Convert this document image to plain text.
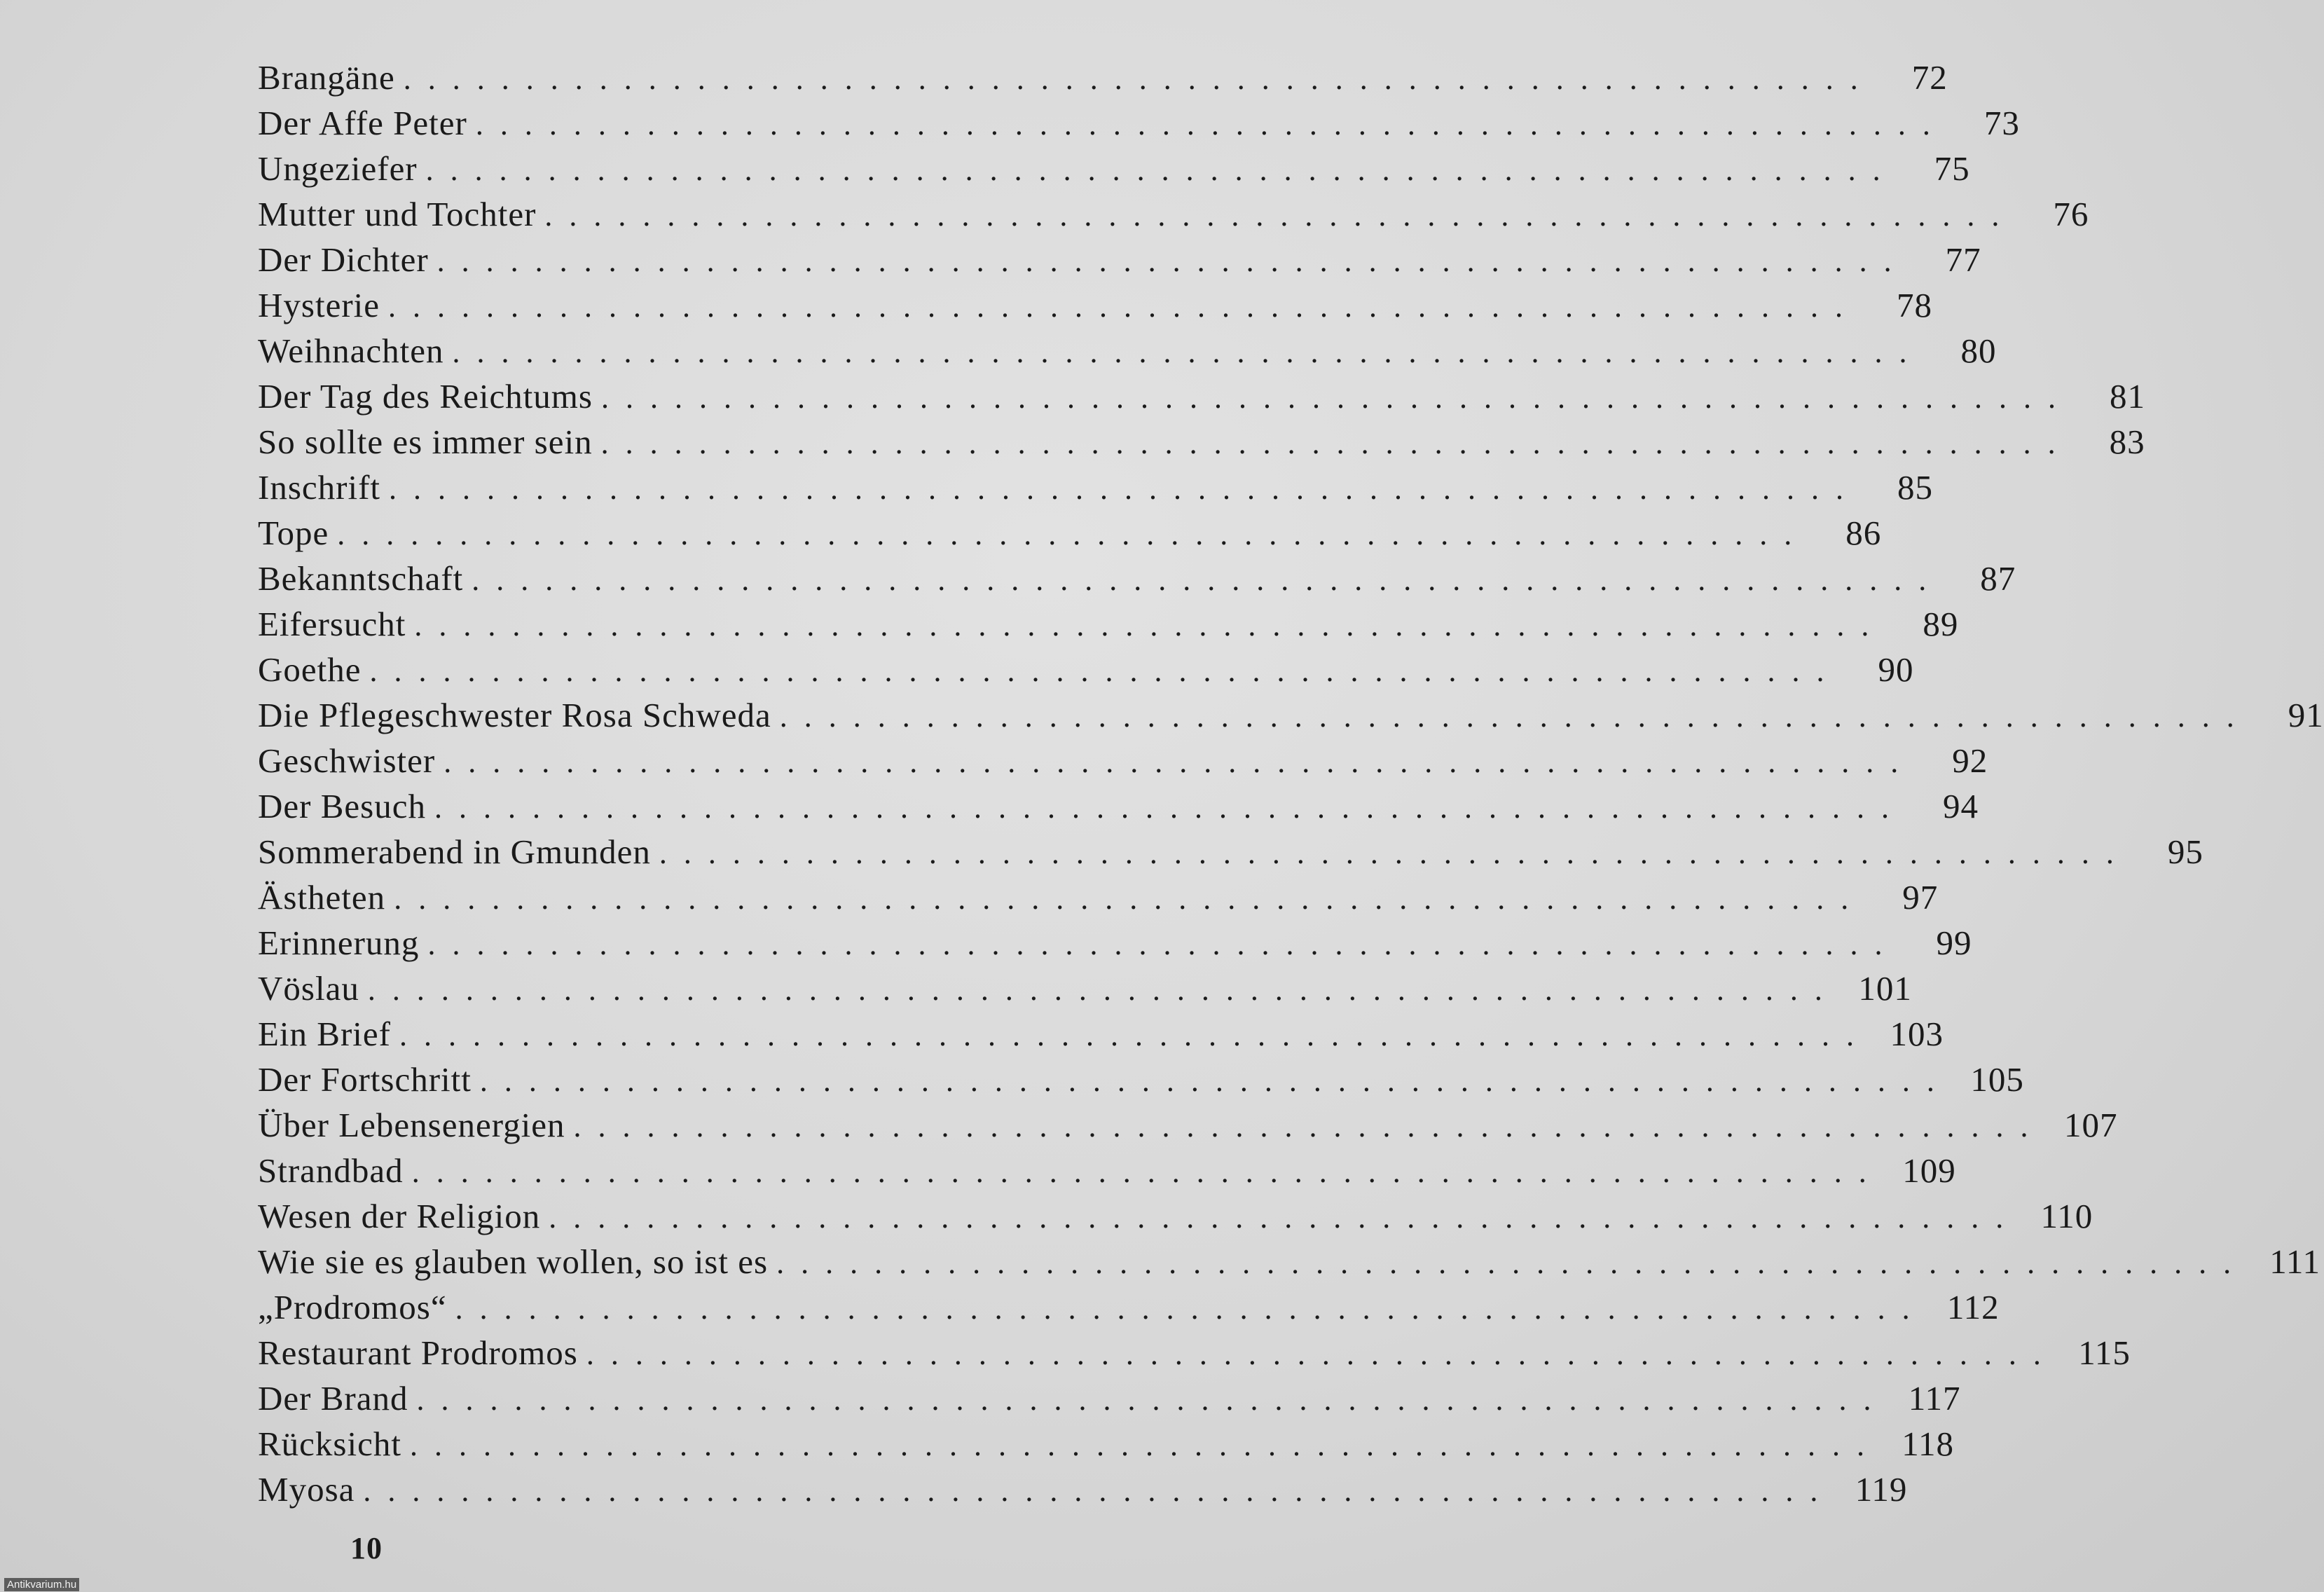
Brangäne ............................................................	72
Der Affe Peter ............................................................	73
Ungeziefer ............................................................	75
Mutter und Tochter ............................................................	76
Der Dichter ............................................................	77
Hysterie ............................................................	78
Weihnachten ............................................................	80
Der Tag des Reichtums ............................................................	81
So sollte es immer sein ............................................................	83
Inschrift ............................................................	85
Tope ............................................................	86
Bekanntschaft ............................................................	87
Eifersucht ............................................................	89
Goethe ............................................................	90
Die Pflegeschwester Rosa Schweda ............................................................	91
Geschwister ............................................................	92
Der Besuch ............................................................	94
Sommerabend in Gmunden ............................................................	95
Ästheten ............................................................	97
Erinnerung ............................................................	99
Vöslau ............................................................ 101
Ein Brief ............................................................ 103
Der Fortschritt ............................................................ 105
Über Lebensenergien ............................................................ 107
Strandbad ............................................................ 109
Wesen der Religion ............................................................ 110
Wie sie es glauben wollen, so ist es ............................................................ 111
„Prodromos“ ............................................................ 112
Restaurant Prodromos ............................................................ 115
Der Brand ............................................................ 117
Rücksicht ............................................................ 118
Myosa ............................................................ 119
10
Antikvarium.hu
